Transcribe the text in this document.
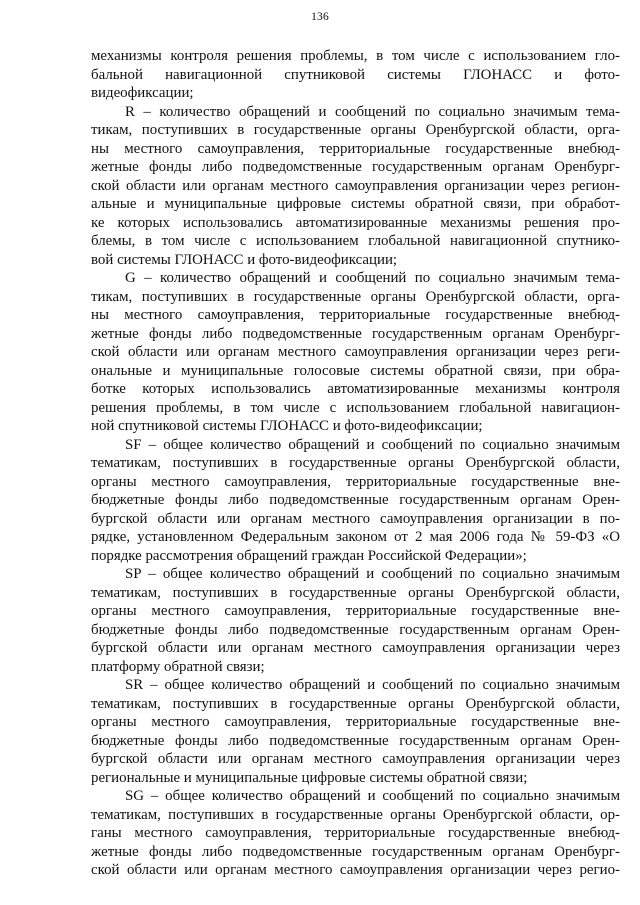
136
механизмы контроля решения проблемы, в том числе с использованием гло-
бальной навигационной спутниковой системы ГЛОНАСС и фото-
видеофиксации;
R – количество обращений и сообщений по социально значимым тема-
тикам, поступивших в государственные органы Оренбургской области, орга-
ны местного самоуправления, территориальные государственные внебюд-
жетные фонды либо подведомственные государственным органам Оренбург-
ской области или органам местного самоуправления организации через регион-
альные и муниципальные цифровые системы обратной связи, при обработ-
ке которых использовались автоматизированные механизмы решения про-
блемы, в том числе с использованием глобальной навигационной спутнико-
вой системы ГЛОНАСС и фото-видеофиксации;
G – количество обращений и сообщений по социально значимым тема-
тикам, поступивших в государственные органы Оренбургской области, орга-
ны местного самоуправления, территориальные государственные внебюд-
жетные фонды либо подведомственные государственным органам Оренбург-
ской области или органам местного самоуправления организации через реги-
ональные и муниципальные голосовые системы обратной связи, при обра-
ботке которых использовались автоматизированные механизмы контроля
решения проблемы, в том числе с использованием глобальной навигацион-
ной спутниковой системы ГЛОНАСС и фото-видеофиксации;
SF – общее количество обращений и сообщений по социально значимым
тематикам, поступивших в государственные органы Оренбургской области,
органы местного самоуправления, территориальные государственные вне-
бюджетные фонды либо подведомственные государственным органам Орен-
бургской области или органам местного самоуправления организации в по-
рядке, установленном Федеральным законом от 2 мая 2006 года № 59-ФЗ «О
порядке рассмотрения обращений граждан Российской Федерации»;
SP – общее количество обращений и сообщений по социально значимым
тематикам, поступивших в государственные органы Оренбургской области,
органы местного самоуправления, территориальные государственные вне-
бюджетные фонды либо подведомственные государственным органам Орен-
бургской области или органам местного самоуправления организации через
платформу обратной связи;
SR – общее количество обращений и сообщений по социально значимым
тематикам, поступивших в государственные органы Оренбургской области,
органы местного самоуправления, территориальные государственные вне-
бюджетные фонды либо подведомственные государственным органам Орен-
бургской области или органам местного самоуправления организации через
региональные и муниципальные цифровые системы обратной связи;
SG – общее количество обращений и сообщений по социально значимым
тематикам, поступивших в государственные органы Оренбургской области, ор-
ганы местного самоуправления, территориальные государственные внебюд-
жетные фонды либо подведомственные государственным органам Оренбург-
ской области или органам местного самоуправления организации через регио-
